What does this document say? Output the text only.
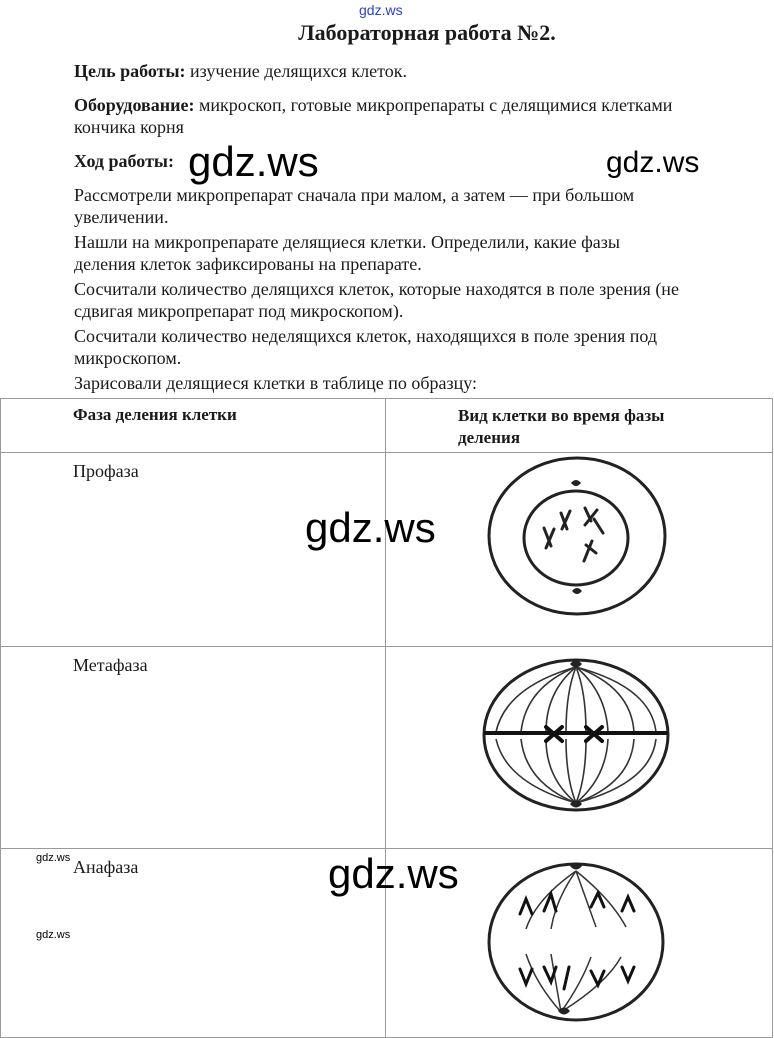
gdz.ws
Лабораторная работа №2.
Цель работы: изучение делящихся клеток.
Оборудование: микроскоп, готовые микропрепараты с делящимися клетками
кончика корня
Ход работы:
Рассмотрели микропрепарат сначала при малом, а затем — при большом
увеличении.
Нашли на микропрепарате делящиеся клетки. Определили, какие фазы
деления клеток зафиксированы на препарате.
Сосчитали количество делящихся клеток, которые находятся в поле зрения (не
сдвигая микропрепарат под микроскопом).
Сосчитали количество неделящихся клеток, находящихся в поле зрения под
микроскопом.
Зарисовали делящиеся клетки в таблице по образцу:
Фаза деления клетки	Вид клетки во время фазы
деления

Профаза	

Метафаза	

Анафаза	
gdz.ws	gdz.ws
gdz.ws
gdz.ws
gdz.ws
gdz.ws
